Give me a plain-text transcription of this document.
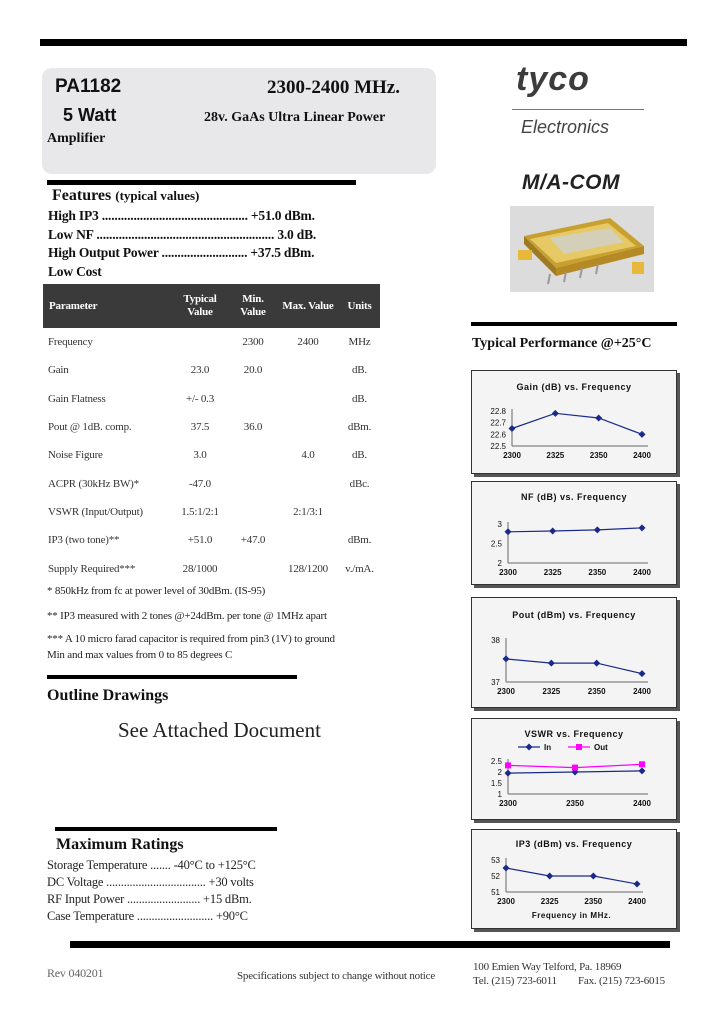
PA1182	2300-2400 MHz.
5 Watt	28v. GaAs Ultra Linear Power
Amplifier
tyco
Electronics
M/A-COM
Features (typical values)
High IP3 .............................................. +51.0 dBm.
Low NF ........................................................ 3.0 dB.
High Output Power ........................... +37.5 dBm.
Low Cost
Parameter	Typical Value	Min. Value	Max. Value	Units
Frequency		2300	2400	MHz
Gain	23.0	20.0		dB.
Gain Flatness	+/- 0.3			dB.
Pout @ 1dB. comp.	37.5	36.0		dBm.
Noise Figure	3.0		4.0	dB.
ACPR (30kHz BW)*	-47.0			dBc.
VSWR (Input/Output)	1.5:1/2:1		2:1/3:1	
IP3 (two tone)**	+51.0	+47.0		dBm.
Supply Required***	28/1000		128/1200	v./mA.
* 850kHz from fc at power level of 30dBm. (IS-95)
** IP3 measured with 2 tones @+24dBm. per tone @ 1MHz apart
*** A 10 micro farad capacitor is required from pin3 (1V) to ground
Min and max values from 0 to 85 degrees C
Outline Drawings
See Attached Document
Maximum Ratings
Storage Temperature ....... -40°C to +125°C
DC Voltage .................................. +30 volts
RF Input Power ......................... +15 dBm.
Case Temperature .......................... +90°C
Typical Performance @+25°C
Gain (dB) vs. Frequency
22.8
22.7
22.6
22.5
2300	2325	2350	2400
NF (dB) vs. Frequency
3
2.5
2
2300	2325	2350	2400
Pout (dBm) vs. Frequency
38
37
2300	2325	2350	2400
VSWR vs. Frequency
2.5
2
1.5
1
2300	2350	2400
In	Out
IP3 (dBm) vs. Frequency
53
52
51
2300	2325	2350	2400
Frequency in MHz.
Rev 040201	Specifications subject to change without notice
100 Emien Way Telford, Pa. 18969
Tel. (215) 723-6011 Fax. (215) 723-6015
